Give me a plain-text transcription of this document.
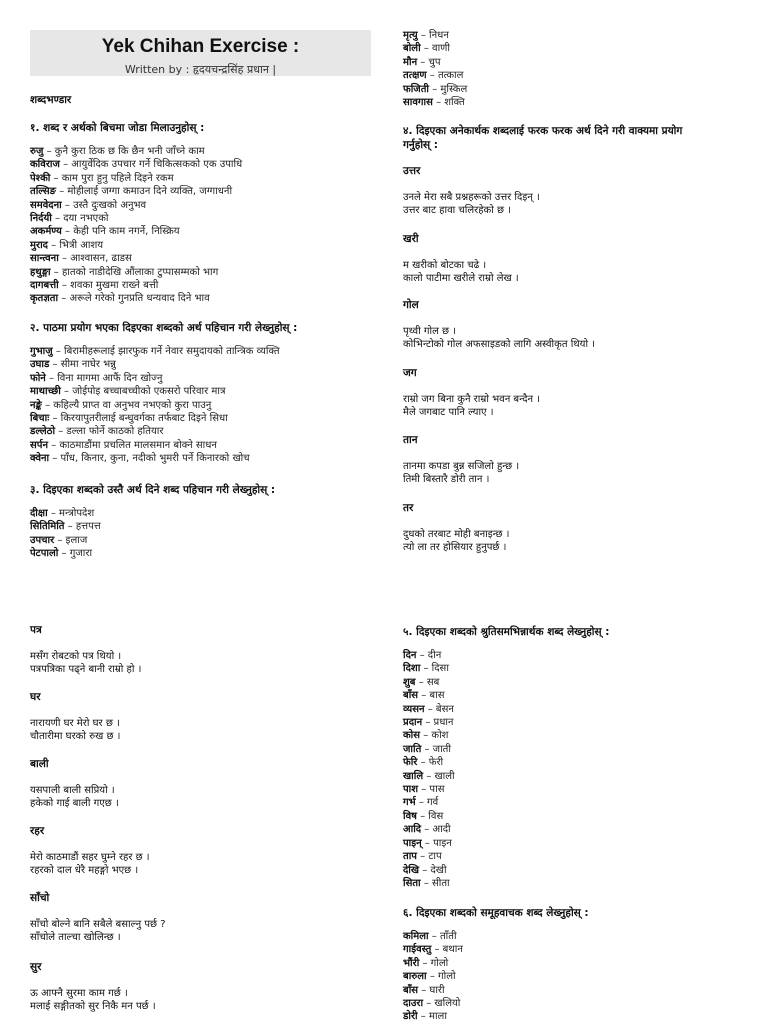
Yek Chihan Exercise :
Written by : हृदयचन्द्रसिंह प्रधान |
शब्दभण्डार
१. शब्द र अर्थको बिचमा जोडा मिलाउनुहोस् :
रुजु – कुनै कुरा ठिक छ कि छैन भनी जाँच्ने काम
कविराज – आयुर्वेदिक उपचार गर्ने चिकित्सकको एक उपाधि
पेश्की – काम पुरा हुनु पहिले दिइने रकम
तल्सिङ – मोहीलाई जग्गा कमाउन दिने व्यक्ति, जग्गाधनी
समवेदना – उस्तै दुःखको अनुभव
निर्दयी – दया नभएको
अकर्मण्य – केही पनि काम नगर्ने, निस्क्रिय
मुराद – भित्री आशय
सान्त्वना – आश्वासन, ढाडस
हथुङ्गा – हातको नाडीदेखि औंलाका टुप्पासम्मको भाग
दागबत्ती – शवका मुखमा राख्ने बत्ती
कृतज्ञता – अरूले गरेको गुनप्रति धन्यवाद दिने भाव
२. पाठमा प्रयोग भएका दिइएका शब्दको अर्थ पहिचान गरी लेख्नुहोस् :
गुभाजु – बिरामीहरूलाई झारफुक गर्ने नेवार समुदायको तान्त्रिक व्यक्ति
उघाड – सीमा नाघेर भन्नु
फोने – विना मागमा आफैं दिन खोज्नु
माथाच्छी – जोईपोइ बच्चाबच्चीको एकसरो परिवार मात्र
नङ्के – कहिल्यै प्राप्त वा अनुभव नभएको कुरा पाउनु
बिचाः – किरयापुतरीलाई बन्धुवर्गका तर्फबाट दिइने सिधा
डल्लेठो – डल्ला फोर्ने काठको हतियार
सर्पन – काठमाडौंमा प्रचलित मालसमान बोक्ने साधन
क्वेना – पाँध, किनार, कुना, नदीको भुमरी पर्ने किनारको खोच
३. दिइएका शब्दको उस्तै अर्थ दिने शब्द पहिचान गरी लेख्नुहोस् :
दीक्षा – मन्त्रोपदेश
सितिमिति – हत्तपत्त
उपचार – इलाज
पेटपालो – गुजारा
मृत्यु – निधन
बोली – वाणी
मौन – चुप
तत्क्षण – तत्काल
फजिती – मुस्किल
सावगास – शक्ति
४. दिइएका अनेकार्थक शब्दलाई फरक फरक अर्थ दिने गरी वाक्यमा प्रयोग
गर्नुहोस् :
उत्तर
उनले मेरा सबै प्रश्नहरूको उत्तर दिइन् ।
उत्तर बाट हावा चलिरहेको छ ।
खरी
म खरीको बोटका चढे ।
कालो पाटीमा खरीले राम्रो लेख ।
गोल
पृथ्वी गोल छ ।
कोभिन्टोको गोल अफसाइडको लागि अस्वीकृत थियो ।
जग
राम्रो जग बिना कुनै राम्रो भवन बन्दैन ।
मैले जगबाट पानि ल्याए ।
तान
तानमा कपडा बुन्न सजिलो हुन्छ ।
तिमी बिस्तारै डोरी तान ।
तर
दुधको तरबाट मोही बनाइन्छ ।
त्यो ला तर होसियार हुनुपर्छ ।
पत्र
मसँग रोबटको पत्र थियो ।
पत्रपत्रिका पढ्ने बानी राम्रो हो ।
घर
नारायणी घर मेरो घर छ ।
चौतारीमा घरको रुख छ ।
बाली
यसपाली बाली सप्रियो ।
हकेको गाई बाली गएछ ।
रहर
मेरो काठमाडौं सहर घुम्ने रहर छ ।
रहरको दाल धेरै महङ्गो भएछ ।
साँचो
साँचो बोल्ने बानि सबैले बसाल्नु पर्छ ?
साँचोले ताल्चा खोलिन्छ ।
सुर
ऊ आफ्नै सुरमा काम गर्छ ।
मलाई सङ्गीतको सुर निकै मन पर्छ ।
५. दिइएका शब्दको श्रुतिसमभिन्नार्थक शब्द लेख्नुहोस् :
दिन – दीन
दिशा – दिसा
शुब – सब
बाँस – बास
व्यसन – बेसन
प्रदान – प्रधान
कोस – कोश
जाति – जाती
फेरि – फेरी
खालि – खाली
पाश – पास
गर्भ – गर्व
विष – विस
आदि – आदी
पाइन् – पाइन
ताप – टाप
देखि – देखी
सिता – सीता
६. दिइएका शब्दको समूहवाचक शब्द लेख्नुहोस् :
कमिला – ताँती
गाईवस्तु – बथान
भौंरी – गोलो
बारुला – गोलो
बाँस – घारी
दाउरा – खलियो
डोरी – माला
